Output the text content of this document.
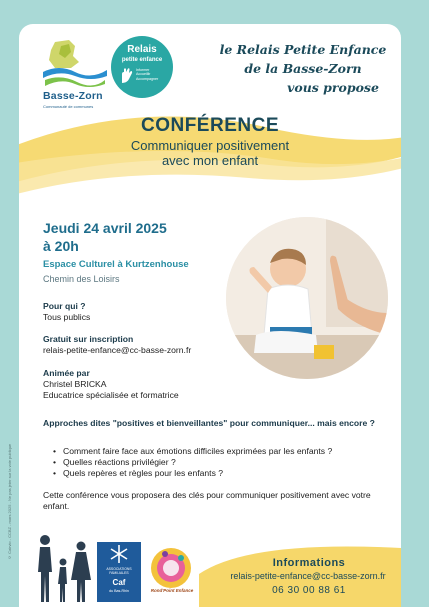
© Cairvio - CCBZ - mars 2025 - Ne pas jeter sur la voie publique
Basse-Zorn
Communauté de communes
Relais
petite enfance
Informer
Accueillir
Accompagner
le Relais Petite Enfance
de la Basse-Zorn
vous propose
CONFÉRENCE
Communiquer positivement
avec mon enfant
Jeudi 24 avril 2025
à 20h
Espace Culturel à Kurtzenhouse
Chemin des Loisirs
Pour qui ?
Tous publics
Gratuit sur inscription
relais-petite-enfance@cc-basse-zorn.fr
Animée par
Christel BRICKA
Educatrice spécialisée et formatrice
Approches dites "positives et bienveillantes" pour communiquer... mais encore ?
• Comment faire face aux émotions difficiles exprimées par les enfants ?
• Quelles réactions privilégier ?
• Quels repères et règles pour les enfants ?
Cette conférence vous proposera des clés pour communiquer positivement avec votre enfant.
ASSOCIATIONS FAMILIALES
Caf
du Bas-Rhin	Rond'Point Enfance
Informations
relais-petite-enfance@cc-basse-zorn.fr
06 30 00 88 61
